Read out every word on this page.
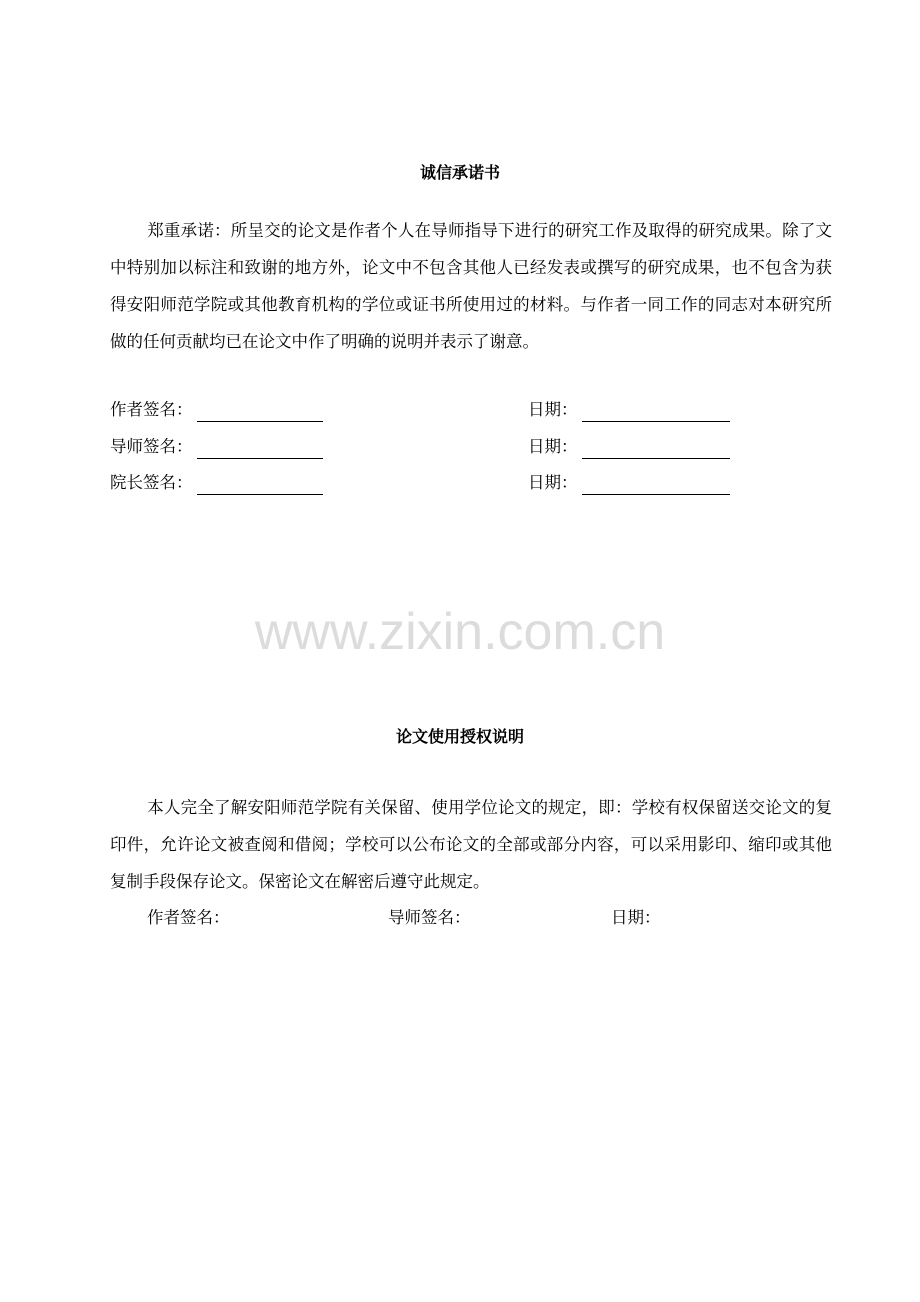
诚信承诺书

郑重承诺：所呈交的论文是作者个人在导师指导下进行的研究工作及取得的研究成果。除了文中特别加以标注和致谢的地方外，论文中不包含其他人已经发表或撰写的研究成果，也不包含为获得安阳师范学院或其他教育机构的学位或证书所使用过的材料。与作者一同工作的同志对本研究所做的任何贡献均已在论文中作了明确的说明并表示了谢意。

作者签名：	日期：
导师签名：	日期：
院长签名：	日期：
www.zixin.com.cn
论文使用授权说明

本人完全了解安阳师范学院有关保留、使用学位论文的规定，即：学校有权保留送交论文的复印件，允许论文被查阅和借阅；学校可以公布论文的全部或部分内容，可以采用影印、缩印或其他复制手段保存论文。保密论文在解密后遵守此规定。

作者签名：	导师签名：	日期：
